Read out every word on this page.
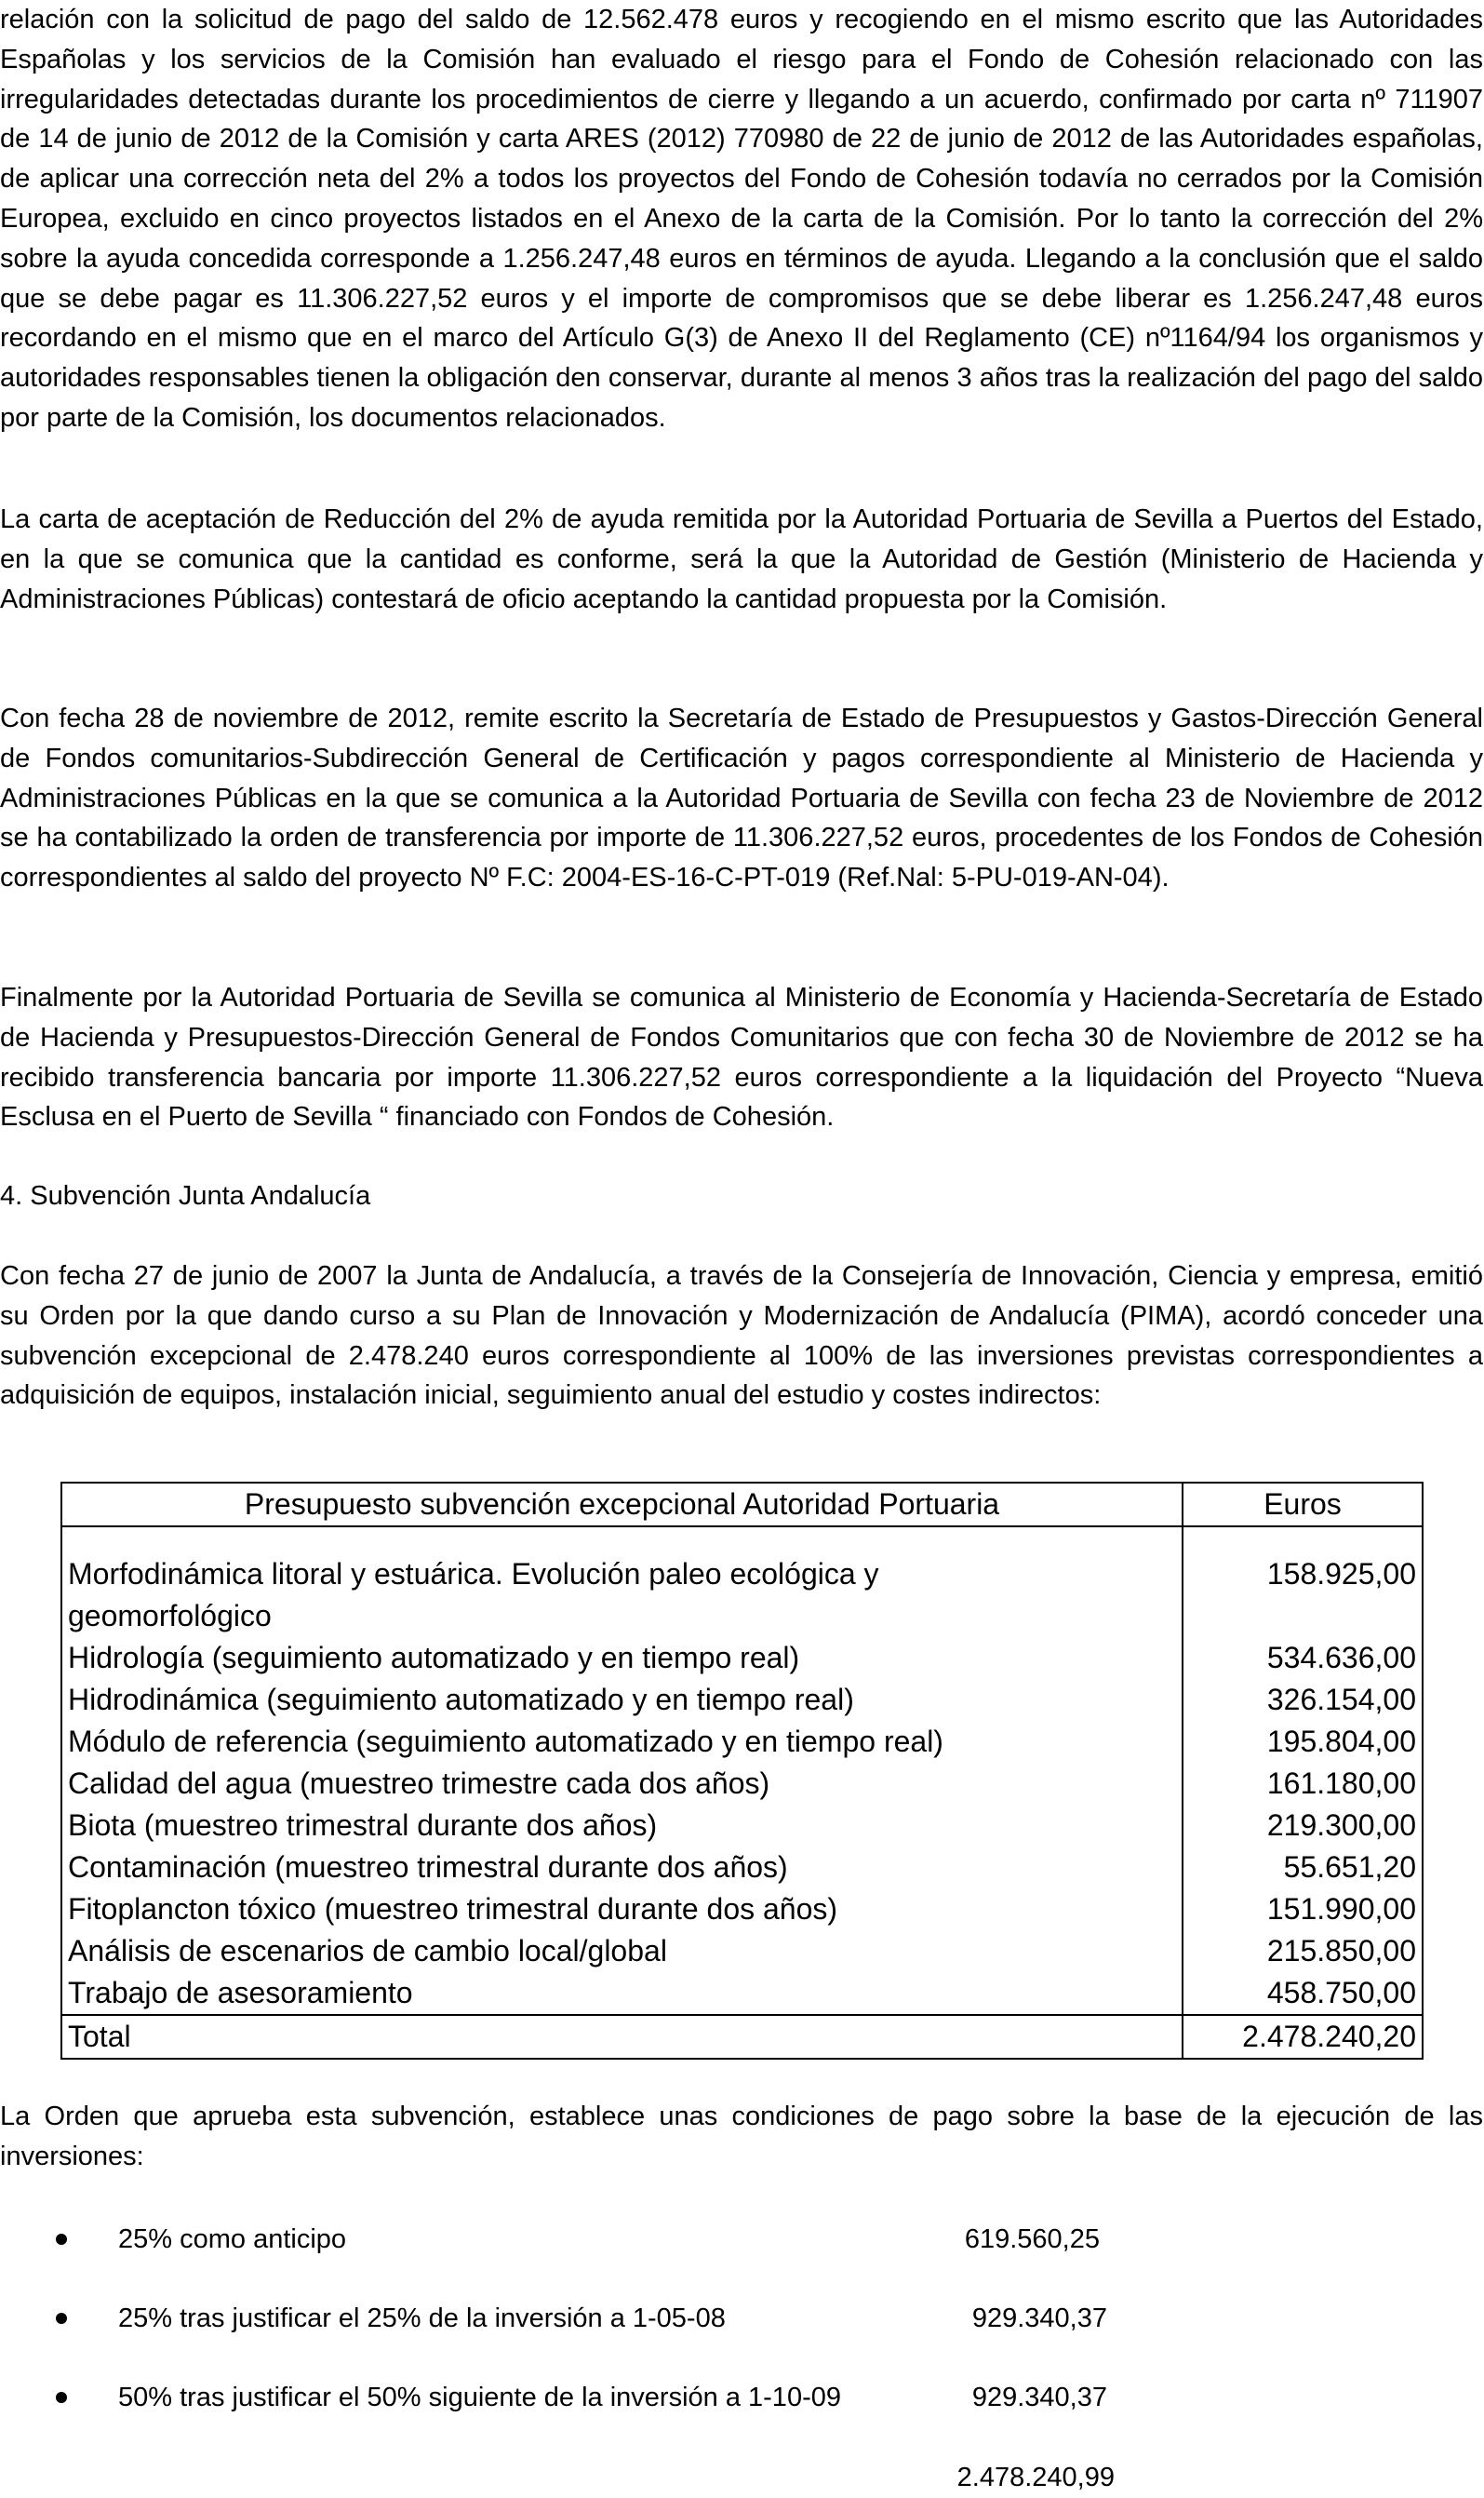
relación con la solicitud de pago del saldo de 12.562.478 euros y recogiendo en el mismo escrito que las Autoridades Españolas y los servicios de la Comisión han evaluado el riesgo para el Fondo de Cohesión relacionado con las irregularidades detectadas durante los procedimientos de cierre y llegando a un acuerdo, confirmado por carta nº 711907 de 14 de junio de 2012 de la Comisión y carta ARES (2012) 770980 de 22 de junio de 2012 de las Autoridades españolas, de aplicar una corrección neta del 2% a todos los proyectos del Fondo de Cohesión todavía no cerrados por la Comisión Europea, excluido en cinco proyectos listados en el Anexo de la carta de la Comisión. Por lo tanto la corrección del 2% sobre la ayuda concedida corresponde a 1.256.247,48 euros en términos de ayuda. Llegando a la conclusión que el saldo que se debe pagar es 11.306.227,52 euros y el importe de compromisos que se debe liberar es 1.256.247,48 euros recordando en el mismo que en el marco del Artículo G(3) de Anexo II del Reglamento (CE) nº1164/94 los organismos y autoridades responsables tienen la obligación den conservar, durante al menos 3 años tras la realización del pago del saldo por parte de la Comisión, los documentos relacionados.

La carta de aceptación de Reducción del 2% de ayuda remitida por la Autoridad Portuaria de Sevilla a Puertos del Estado, en la que se comunica que la cantidad es conforme, será la que la Autoridad de Gestión (Ministerio de Hacienda y Administraciones Públicas) contestará de oficio aceptando la cantidad propuesta por la Comisión.

Con fecha 28 de noviembre de 2012, remite escrito la Secretaría de Estado de Presupuestos y Gastos-Dirección General de Fondos comunitarios-Subdirección General de Certificación y pagos correspondiente al Ministerio de Hacienda y Administraciones Públicas en la que se comunica a la Autoridad Portuaria de Sevilla con fecha 23 de Noviembre de 2012 se ha contabilizado la orden de transferencia por importe de 11.306.227,52 euros, procedentes de los Fondos de Cohesión correspondientes al saldo del proyecto Nº F.C: 2004-ES-16-C-PT-019 (Ref.Nal: 5-PU-019-AN-04).

Finalmente por la Autoridad Portuaria de Sevilla se comunica al Ministerio de Economía y Hacienda-Secretaría de Estado de Hacienda y Presupuestos-Dirección General de Fondos Comunitarios que con fecha 30 de Noviembre de 2012 se ha recibido transferencia bancaria por importe 11.306.227,52 euros correspondiente a la liquidación del Proyecto “Nueva Esclusa en el Puerto de Sevilla “ financiado con Fondos de Cohesión.

4. Subvención Junta Andalucía

Con fecha 27 de junio de 2007 la Junta de Andalucía, a través de la Consejería de Innovación, Ciencia y empresa, emitió su Orden por la que dando curso a su Plan de Innovación y Modernización de Andalucía (PIMA), acordó conceder una subvención excepcional de 2.478.240 euros correspondiente al 100% de las inversiones previstas correspondientes a adquisición de equipos, instalación inicial, seguimiento anual del estudio y costes indirectos:

Presupuesto subvención excepcional Autoridad Portuaria	Euros

Morfodinámica litoral y estuárica. Evolución paleo ecológica y geomorfológico	158.925,00
Hidrología (seguimiento automatizado y en tiempo real)	534.636,00
Hidrodinámica (seguimiento automatizado y en tiempo real)	326.154,00
Módulo de referencia (seguimiento automatizado y en tiempo real)	195.804,00
Calidad del agua (muestreo trimestre cada dos años)	161.180,00
Biota (muestreo trimestral durante dos años)	219.300,00
Contaminación (muestreo trimestral durante dos años)	55.651,20
Fitoplancton tóxico (muestreo trimestral durante dos años)	151.990,00
Análisis de escenarios de cambio local/global	215.850,00
Trabajo de asesoramiento	458.750,00
Total	2.478.240,20

La Orden que aprueba esta subvención, establece unas condiciones de pago sobre la base de la ejecución de las inversiones:

25% como anticipo	619.560,25
25% tras justificar el 25% de la inversión a 1-05-08	929.340,37
50% tras justificar el 50% siguiente de la inversión a 1-10-09	929.340,37
2.478.240,99
